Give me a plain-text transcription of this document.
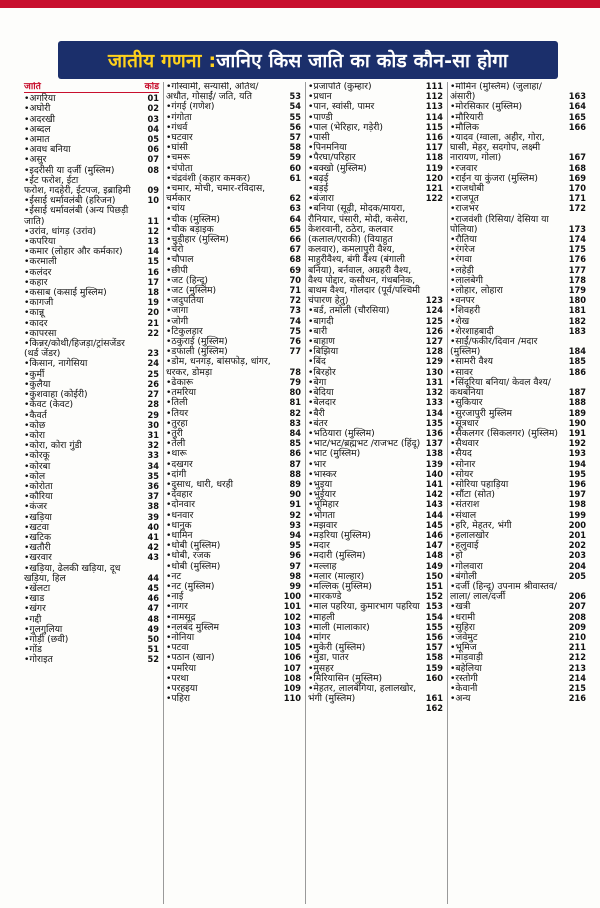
जातीय गणना : जानिए किस जाति का कोड कौन-सा होगा
जाति	कोड
•अगरिया	01
•अघोरी	02
•अदरखी	03
•अब्दल	04
•अमात	05
•अवध बनिया	06
•असुर	07
•इदरीसी या दर्जी (मुस्लिम)	08
•ईट फरोश, ईटा
फरोश, गदहेरी, ईटपज, इब्राहिमी	09
•ईसाई धर्मावलंबी (हरिजन)	10
•ईसाई धर्मावलंबी (अन्य पिछड़ी जाति)	11
•उरांव, धांगड़ (उरांव)	12
•कपरिया	13
•कमार (लोहार और कर्मकार)	14
•करमाली	15
•कलंदर	16
•कहार	17
•कसाब (कसाई मुस्लिम)	18
•कागजी	19
•कान्नू	20
•कादर	21
•कापरसा	22
•किन्नर/कोथी/हिजड़ा/ट्रांसजेंडर (थर्ड जेंडर)	23
•किसान, नागेसिया	24
•कुर्मी	25
•कुलैया	26
•कुशवाहा (कोईरी)	27
•केवट (केवट)	28
•कैवर्त	29
•कोछ	30
•कोरा	31
•कोरा, कोरा गुंडी	32
•कोरकू	33
•कोरबा	34
•कोल	35
•कोरोता	36
•कौरिया	37
•कंजर	38
•खड़िया	39
•खटवा	40
•खटिक	41
•खतौरी	42
•खरवार	43
•खड़िया, ढेलकी खड़िया, दूध खड़िया, हिल	44
•खेलटा	45
•खाड	46
•खंगर	47
•गद्दी	48
•गुलगुलिया	49
•गोड़ी (छवी)	50
•गोंड	51
•गोराइत	52
•गोस्वामी, सन्यासी, अतिथ/अधौत, गोसाईं/ जति, यति	53
•गंगई (गणेश)	54
•गंगोता	55
•गंधर्व	56
•घटवार	57
•घांसी	58
•चमरू	59
•चंपोता	60
•चंद्रवंशी (कहार कमकर)	61
•चमार, मोची, चमार-रविदास, चर्मकार	62
•चांय	63
•चीक (मुस्लिम)	64
•चीक बड़ाइक	65
•चुड़ीहार (मुस्लिम)	66
•चेरो	67
•चौपाल	68
•छीपी	69
•जट (हिन्दू)	70
•जट (मुस्लिम)	71
•जदुपतिया	72
•जागा	73
•जोगी	74
•टिकुलहार	75
•ठकुराई (मुस्लिम)	76
•डफाली (मुस्लिम)	77
•डोम, धनगड़, बांसफोड़, धांगर, धरकर, डोमड़ा	78
•ढेकारू	79
•तमरिया	80
•तिली	81
•तियर	82
•तुरहा	83
•तुरी	84
•तेली	85
•थारू	86
•दखगर	87
•दांगी	88
•दुसाध, धारी, धरही	89
•देवहार	90
•दोनवार	91
•धनवार	92
•धानुक	93
•धामिन	94
•धोबी (मुस्लिम)	95
•धोबी, रजक	96
•धोबी (मुस्लिम)	97
•नट	98
•नट (मुस्लिम)	99
•नाई	100
•नागर	101
•नामसूद्र	102
•नलबंद मुस्लिम	103
•नोनिया	104
•पटवा	105
•पठान (खान)	106
•पमरिया	107
•परथा	108
•परहइया	109
•पहिरा	110
•प्रजापति (कुम्हार)	111
•प्रधान	112
•पान, स्वांसी, पामर	113
•पाण्डी	114
•पाल (भेरिहार, गड़ेरी)	115
•पासी	116
•पिनमनिया	117
•पैरघा/परिहार	118
•बक्खो (मुस्लिम)	119
•बढ़ई	120
•बड़ई	121
•बंजारा	122
•बनिया (सूढ़ी, मोदक/मायरा, रौनियार, पंसारी, मोदी, कसेरा, केशरवानी, ठठेरा, कलवार (कलाल/एराकी) (वियाहुत कलवार), कमलापुरी वैश्य, माहुरीवैश्य, बंगी वैश्य (बंगाली बनिया), बर्नवाल, अग्रहरी वैश्य, वैश्य पोद्दार, कसौधन, गंधबनिक, बाथम वैश्य, गोलदार (पूर्व/पश्चिमी चंपारण हेतु)	123
•बर्ड, तमोली (चौरसिया)	124
•बागदी	125
•बारी	126
•बाहाण	127
•बिझिया	128
•बिंद	129
•बिरहोर	130
•बेगा	131
•बेदिया	132
•बेलदार	133
•बैरी	134
•बंतर	135
•भठियारा (मुस्लिम)	136
•भाट/भट/ब्रह्मभट /राजभट (हिंदू) 137
•भाट (मुस्लिम)	138
•भार	139
•भास्कर	140
•भुइया	141
•भुईयार	142
•भूमिहार	143
•भोगता	144
•मझवार	145
•मड़रिया (मुस्लिम)	146
•मदार	147
•मदारी (मुस्लिम)	148
•मल्लाह	149
•मलार (माल्हार)	150
•मल्लिक (मुस्लिम)	151
•मारकण्डे	152
•माल पहरिया, कुमारभाग पहरिया 153
•माहली	154
•माली (मालाकार)	155
•मांगर	156
•मुकेरी (मुस्लिम)	157
•मुंडा, पातर	158
•मुसहर	159
•मिरियासिन (मुस्लिम)	160
•मेहतर, लालबेगिया, हलालखोर, भंगी (मुस्लिम)	161
162
•मोमिन (मुस्लिम) (जुलाहा/अंसारी)	163
•मोरसिकार (मुस्लिम)	164
•मौरियारी	165
•मौलिक	166
•यादव (ग्वाला, अहीर, गोरा, घासी, मेहर, सदगोप, लक्ष्मी नारायण, गोला)	167
•रजवार	168
•राईन या कुंजरा (मुस्लिम)	169
•राजधोबी	170
•राजपूत	171
•राजभर	172
•राजवंशी (रिसिया/ देसिया या पोलिया)	173
•रौतिया	174
•रंगरेज	175
•रंगवा	176
•लहेड़ी	177
•लालबेगी	178
•लोहार, लोहारा	179
•वनपर	180
•शिवहरी	181
•शेख	182
•शेरशाहबादी	183
•साईं/फकीर/दिवान /मदार (मुस्लिम)	184
•सामरी वैश्य	185
•सावर	186
•सिंदूरिया बनिया/ केवल वैश्य/ कथबनिया	187
•सुकियार	188
•सुरजापुरी मुस्लिम	189
•सूत्रधार	190
•सैकलगर (सिकलगर) (मुस्लिम)	191
•सैथवार	192
•सैयद	193
•सोनार	194
•सोयर	195
•सोरिया पहाड़िया	196
•सौंटा (सोत)	197
•संतराश	198
•संथाल	199
•हरि, मेहतर, भंगी	200
•हलालखोर	201
•हलुवाई	202
•हो	203
•गोलवारा	204
•बंगोली	205
•दर्जी (हिन्दू) उपनाम श्रीवास्तव/लाला/ लाल/दर्जी	206
•खत्री	207
•धरामी	208
•सुहिरा	209
•जवेमुट	210
•भूमिज	211
•माड़वाड़ी	212
•बहेलिया	213
•रस्तोगी	214
•केवानी	215
•अन्य	216
